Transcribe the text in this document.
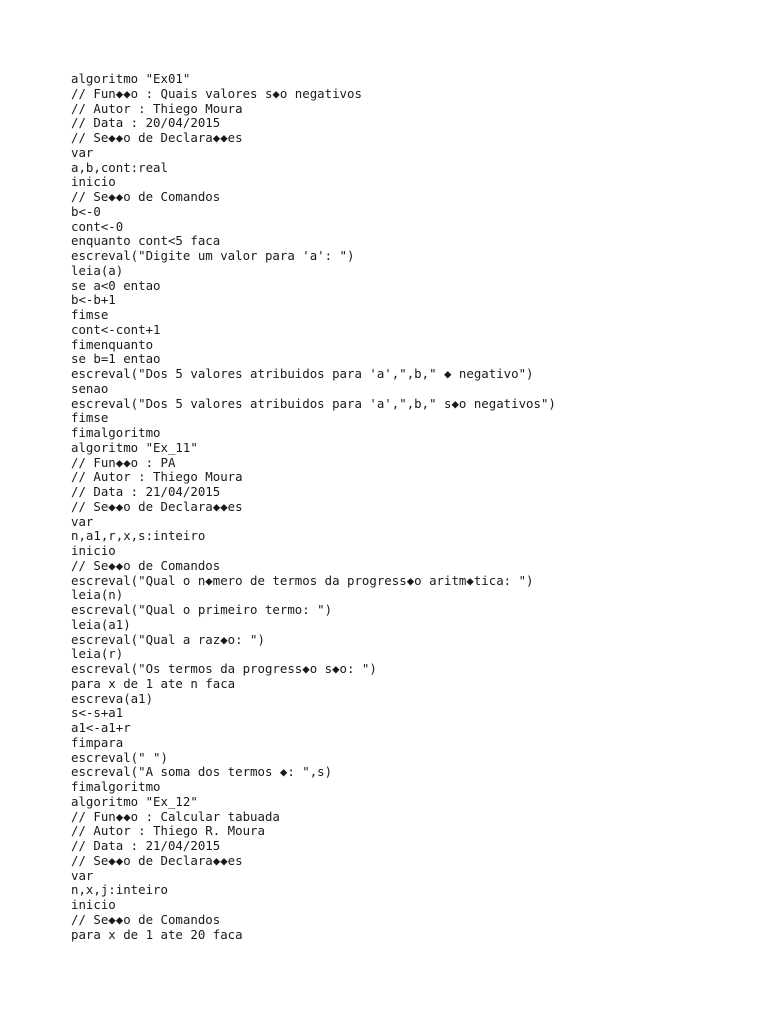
algoritmo "Ex01"
// Fun◆◆o : Quais valores s◆o negativos
// Autor : Thiego Moura
// Data : 20/04/2015
// Se◆◆o de Declara◆◆es
var
a,b,cont:real
inicio
// Se◆◆o de Comandos
b<-0
cont<-0
enquanto cont<5 faca
escreval("Digite um valor para 'a': ")
leia(a)
se a<0 entao
b<-b+1
fimse
cont<-cont+1
fimenquanto
se b=1 entao
escreval("Dos 5 valores atribuidos para 'a',",b," ◆ negativo")
senao
escreval("Dos 5 valores atribuidos para 'a',",b," s◆o negativos")
fimse
fimalgoritmo
algoritmo "Ex_11"
// Fun◆◆o : PA
// Autor : Thiego Moura
// Data : 21/04/2015
// Se◆◆o de Declara◆◆es
var
n,a1,r,x,s:inteiro
inicio
// Se◆◆o de Comandos
escreval("Qual o n◆mero de termos da progress◆o aritm◆tica: ")
leia(n)
escreval("Qual o primeiro termo: ")
leia(a1)
escreval("Qual a raz◆o: ")
leia(r)
escreval("Os termos da progress◆o s◆o: ")
para x de 1 ate n faca
escreva(a1)
s<-s+a1
a1<-a1+r
fimpara
escreval(" ")
escreval("A soma dos termos ◆: ",s)
fimalgoritmo
algoritmo "Ex_12"
// Fun◆◆o : Calcular tabuada
// Autor : Thiego R. Moura
// Data : 21/04/2015
// Se◆◆o de Declara◆◆es
var
n,x,j:inteiro
inicio
// Se◆◆o de Comandos
para x de 1 ate 20 faca
